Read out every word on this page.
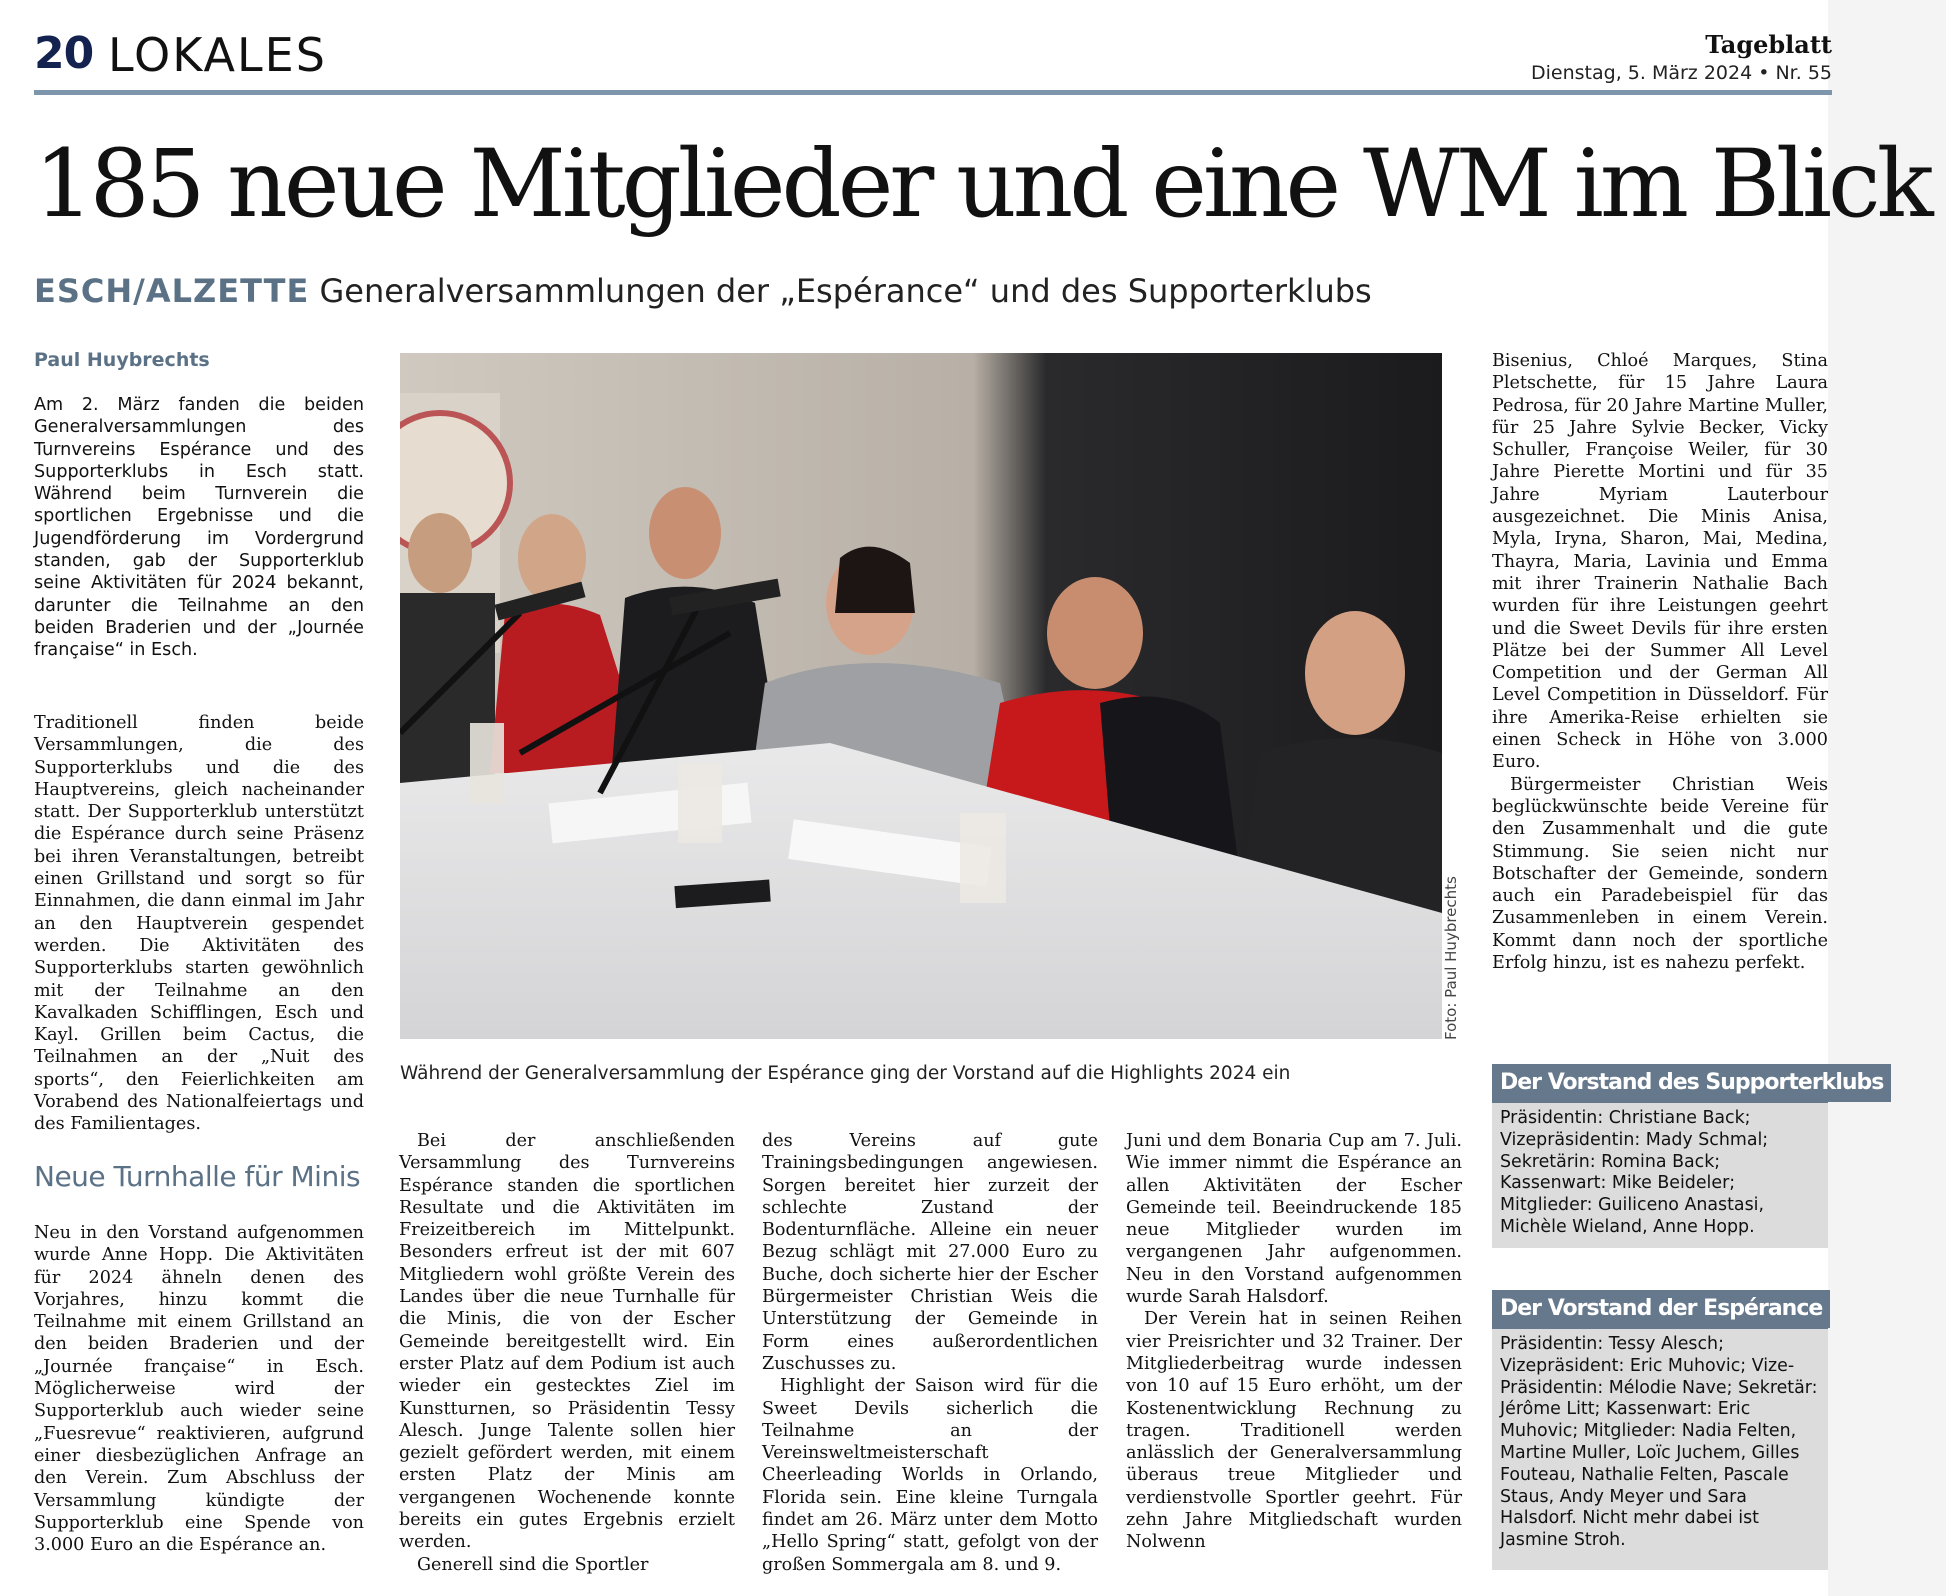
20 LOKALES	Tageblatt
Dienstag, 5. März 2024 • Nr. 55
185 neue Mitglieder und eine WM im Blick
ESCH/ALZETTE Generalversammlungen der „Espérance“ und des Supporterklubs
Paul Huybrechts

Am 2. März fanden die beiden Generalversammlungen des Turnvereins Espérance und des Supporterklubs in Esch statt. Während beim Turnverein die sportlichen Ergebnisse und die Jugendförderung im Vordergrund standen, gab der Supporterklub seine Aktivitäten für 2024 bekannt, darunter die Teilnahme an den beiden Braderien und der „Journée française“ in Esch.

Traditionell finden beide Versammlungen, die des Supporterklubs und die des Hauptvereins, gleich nacheinander statt. Der Supporterklub unterstützt die Espérance durch seine Präsenz bei ihren Veranstaltungen, betreibt einen Grillstand und sorgt so für Einnahmen, die dann einmal im Jahr an den Hauptverein gespendet werden. Die Aktivitäten des Supporterklubs starten gewöhnlich mit der Teilnahme an den Kavalkaden Schifflingen, Esch und Kayl. Grillen beim Cactus, die Teilnahmen an der „Nuit des sports“, den Feierlichkeiten am Vorabend des Nationalfeiertags und des Familientages.

Neue Turnhalle für Minis

Neu in den Vorstand aufgenommen wurde Anne Hopp. Die Aktivitäten für 2024 ähneln denen des Vorjahres, hinzu kommt die Teilnahme mit einem Grillstand an den beiden Braderien und der „Journée française“ in Esch. Möglicherweise wird der Supporterklub auch wieder seine „Fuesrevue“ reaktivieren, aufgrund einer diesbezüglichen Anfrage an den Verein. Zum Abschluss der Versammlung kündigte der Supporterklub eine Spende von 3.000 Euro an die Espérance an.

Foto: Paul Huybrechts
Während der Generalversammlung der Espérance ging der Vorstand auf die Highlights 2024 ein

Bei der anschließenden Versammlung des Turnvereins Espérance standen die sportlichen Resultate und die Aktivitäten im Freizeitbereich im Mittelpunkt. Besonders erfreut ist der mit 607 Mitgliedern wohl größte Verein des Landes über die neue Turnhalle für die Minis, die von der Escher Gemeinde bereitgestellt wird. Ein erster Platz auf dem Podium ist auch wieder ein gestecktes Ziel im Kunstturnen, so Präsidentin Tessy Alesch. Junge Talente sollen hier gezielt gefördert werden, mit einem ersten Platz der Minis am vergangenen Wochenende konnte bereits ein gutes Ergebnis erzielt werden.

Generell sind die Sportler

des Vereins auf gute Trainingsbedingungen angewiesen. Sorgen bereitet hier zurzeit der schlechte Zustand der Bodenturnfläche. Alleine ein neuer Bezug schlägt mit 27.000 Euro zu Buche, doch sicherte hier der Escher Bürgermeister Christian Weis die Unterstützung der Gemeinde in Form eines außerordentlichen Zuschusses zu.

Highlight der Saison wird für die Sweet Devils sicherlich die Teilnahme an der Vereinsweltmeisterschaft Cheerleading Worlds in Orlando, Florida sein. Eine kleine Turngala findet am 26. März unter dem Motto „Hello Spring“ statt, gefolgt von der großen Sommergala am 8. und 9.

Juni und dem Bonaria Cup am 7. Juli. Wie immer nimmt die Espérance an allen Aktivitäten der Escher Gemeinde teil. Beeindruckende 185 neue Mitglieder wurden im vergangenen Jahr aufgenommen. Neu in den Vorstand aufgenommen wurde Sarah Halsdorf.

Der Verein hat in seinen Reihen vier Preisrichter und 32 Trainer. Der Mitgliederbeitrag wurde indessen von 10 auf 15 Euro erhöht, um der Kostenentwicklung Rechnung zu tragen. Traditionell werden anlässlich der Generalversammlung überaus treue Mitglieder und verdienstvolle Sportler geehrt. Für zehn Jahre Mitgliedschaft wurden Nolwenn

Bisenius, Chloé Marques, Stina Pletschette, für 15 Jahre Laura Pedrosa, für 20 Jahre Martine Muller, für 25 Jahre Sylvie Becker, Vicky Schuller, Françoise Weiler, für 30 Jahre Pierette Mortini und für 35 Jahre Myriam Lauterbour ausgezeichnet. Die Minis Anisa, Myla, Iryna, Sharon, Mai, Medina, Thayra, Maria, Lavinia und Emma mit ihrer Trainerin Nathalie Bach wurden für ihre Leistungen geehrt und die Sweet Devils für ihre ersten Plätze bei der Summer All Level Competition und der German All Level Competition in Düsseldorf. Für ihre Amerika-Reise erhielten sie einen Scheck in Höhe von 3.000 Euro.

Bürgermeister Christian Weis beglückwünschte beide Vereine für den Zusammenhalt und die gute Stimmung. Sie seien nicht nur Botschafter der Gemeinde, sondern auch ein Paradebeispiel für das Zusammenleben in einem Verein. Kommt dann noch der sportliche Erfolg hinzu, ist es nahezu perfekt.

Der Vorstand des Supporterklubs
Präsidentin: Christiane Back; Vizepräsidentin: Mady Schmal; Sekretärin: Romina Back; Kassenwart: Mike Beideler; Mitglieder: Guiliceno Anastasi, Michèle Wieland, Anne Hopp.
Der Vorstand der Espérance
Präsidentin: Tessy Alesch; Vizepräsident: Eric Muhovic; Vize-Präsidentin: Mélodie Nave; Sekretär: Jérôme Litt; Kassenwart: Eric Muhovic; Mitglieder: Nadia Felten, Martine Muller, Loïc Juchem, Gilles Fouteau, Nathalie Felten, Pascale Staus, Andy Meyer und Sara Halsdorf. Nicht mehr dabei ist Jasmine Stroh.
